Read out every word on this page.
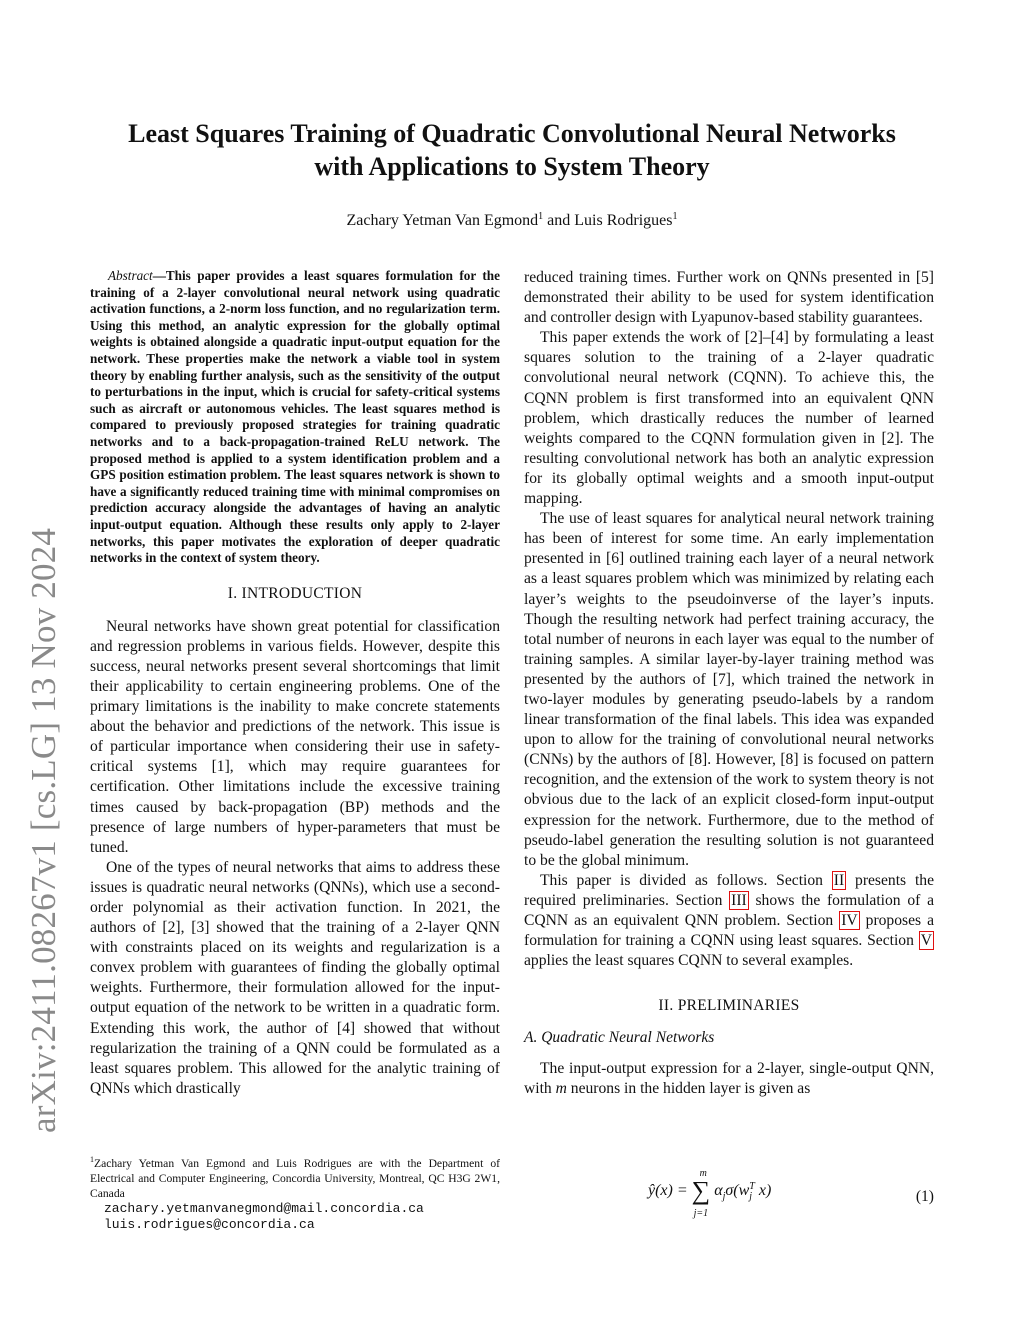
arXiv:2411.08267v1 [cs.LG] 13 Nov 2024
Least Squares Training of Quadratic Convolutional Neural Networks
with Applications to System Theory
Zachary Yetman Van Egmond$^1$ and Luis Rodrigues$^1$

Abstract—This paper provides a least squares formulation for the training of a 2-layer convolutional neural network using quadratic activation functions, a 2-norm loss function, and no regularization term. Using this method, an analytic expression for the globally optimal weights is obtained alongside a quadratic input-output equation for the network. These properties make the network a viable tool in system theory by enabling further analysis, such as the sensitivity of the output to perturbations in the input, which is crucial for safety-critical systems such as aircraft or autonomous vehicles. The least squares method is compared to previously proposed strategies for training quadratic networks and to a back-propagation-trained ReLU network. The proposed method is applied to a system identification problem and a GPS position estimation problem. The least squares network is shown to have a significantly reduced training time with minimal compromises on prediction accuracy alongside the advantages of having an analytic input-output equation. Although these results only apply to 2-layer networks, this paper motivates the exploration of deeper quadratic networks in the context of system theory.

I. INTRODUCTION

Neural networks have shown great potential for classification and regression problems in various fields. However, despite this success, neural networks present several shortcomings that limit their applicability to certain engineering problems. One of the primary limitations is the inability to make concrete statements about the behavior and predictions of the network. This issue is of particular importance when considering their use in safety-critical systems [1], which may require guarantees for certification. Other limitations include the excessive training times caused by back-propagation (BP) methods and the presence of large numbers of hyper-parameters that must be tuned.

One of the types of neural networks that aims to address these issues is quadratic neural networks (QNNs), which use a second-order polynomial as their activation function. In 2021, the authors of [2], [3] showed that the training of a 2-layer QNN with constraints placed on its weights and regularization is a convex problem with guarantees of finding the globally optimal weights. Furthermore, their formulation allowed for the input-output equation of the network to be written in a quadratic form. Extending this work, the author of [4] showed that without regularization the training of a QNN could be formulated as a least squares problem. This allowed for the analytic training of QNNs which drastically

reduced training times. Further work on QNNs presented in [5] demonstrated their ability to be used for system identification and controller design with Lyapunov-based stability guarantees.

This paper extends the work of [2]–[4] by formulating a least squares solution to the training of a 2-layer quadratic convolutional neural network (CQNN). To achieve this, the CQNN problem is first transformed into an equivalent QNN problem, which drastically reduces the number of learned weights compared to the CQNN formulation given in [2]. The resulting convolutional network has both an analytic expression for its globally optimal weights and a smooth input-output mapping.

The use of least squares for analytical neural network training has been of interest for some time. An early implementation presented in [6] outlined training each layer of a neural network as a least squares problem which was minimized by relating each layer’s weights to the pseudoinverse of the layer’s inputs. Though the resulting network had perfect training accuracy, the total number of neurons in each layer was equal to the number of training samples. A similar layer-by-layer training method was presented by the authors of [7], which trained the network in two-layer modules by generating pseudo-labels by a random linear transformation of the final labels. This idea was expanded upon to allow for the training of convolutional neural networks (CNNs) by the authors of [8]. However, [8] is focused on pattern recognition, and the extension of the work to system theory is not obvious due to the lack of an explicit closed-form input-output expression for the network. Furthermore, due to the method of pseudo-label generation the resulting solution is not guaranteed to be the global minimum.

This paper is divided as follows. Section II presents the required preliminaries. Section III shows the formulation of a CQNN as an equivalent QNN problem. Section IV proposes a formulation for training a CQNN using least squares. Section V applies the least squares CQNN to several examples.

II. PRELIMINARIES
A. Quadratic Neural Networks

The input-output expression for a 2-layer, single-output QNN, with m neurons in the hidden layer is given as

ŷ(x) =
m
∑
j=1
$\alpha_j\sigma(w$ T
j x)	(1)
$^1$Zachary Yetman Van Egmond and Luis Rodrigues are with the Department of Electrical and Computer Engineering, Concordia University, Montreal, QC H3G 2W1, Canada
zachary.yetmanvanegmond@mail.concordia.ca
luis.rodrigues@concordia.ca
